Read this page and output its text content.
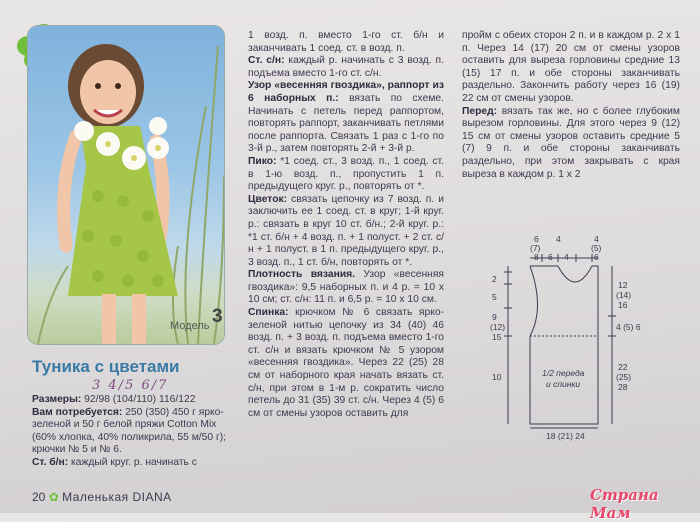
Модель 3
Туника с цветами
3 4/5 6/7

Размеры: 92/98 (104/110) 116/122

Вам потребуется: 250 (350) 450 г ярко-зеленой и 50 г белой пряжи Cotton Mix (60% хлопка, 40% поликрила, 55 м/50 г); крючки № 5 и № 6.

Ст. б/н: каждый круг. р. начинать с

1 возд. п. вместо 1-го ст. б/н и заканчивать 1 соед. ст. в возд. п.

Ст. с/н: каждый р. начинать с 3 возд. п. подъема вместо 1-го ст. с/н.

Узор «весенняя гвоздика», раппорт из 6 наборных п.: вязать по схеме. Начинать с петель перед раппортом, повторять раппорт, заканчивать петлями после раппорта. Связать 1 раз с 1-го по 3-й р., затем повторять 2-й + 3-й р.

Пико: *1 соед. ст., 3 возд. п., 1 соед. ст. в 1-ю возд. п., пропустить 1 п. предыдущего круг. р., повторять от *.

Цветок: связать цепочку из 7 возд. п. и заключить ее 1 соед. ст. в круг; 1-й круг. р.: связать в круг 10 ст. б/н.; 2-й круг. р.: *1 ст. б/н + 4 возд. п. + 1 полуст. + 2 ст. с/н + 1 полуст. в 1 п. предыдущего круг. р., 3 возд. п., 1 ст. б/н, повторять от *.

Плотность вязания. Узор «весенняя гвоздика»: 9,5 наборных п. и 4 р. = 10 х 10 см; ст. с/н: 11 п. и 6,5 р. = 10 х 10 см.

Спинка: крючком № 6 связать ярко-зеленой нитью цепочку из 34 (40) 46 возд. п. + 3 возд. п. подъема вместо 1-го ст. с/н и вязать крючком № 5 узором «весенняя гвоздика». Через 22 (25) 28 см от наборного края начать вязать ст. с/н, при этом в 1-м р. сократить число петель до 31 (35) 39 ст. с/н. Через 4 (5) 6 см от смены узоров оставить для

пройм с обеих сторон 2 п. и в каждом р. 2 х 1 п. Через 14 (17) 20 см от смены узоров оставить для выреза горловины средние 13 (15) 17 п. и обе стороны заканчивать раздельно. Закончить работу через 16 (19) 22 см от смены узоров.

Перед: вязать так же, но с более глубоким вырезом горловины. Для этого через 9 (12) 15 см от смены узоров оставить средние 5 (7) 9 п. и обе стороны заканчивать раздельно, при этом закрывать с края выреза в каждом р. 1 х 2

6
(7)
8 6
4
4
4
(5)
6
2
5
9
(12)
15
10
12
(14)
16
4 (5) 6
22
(25)
28
1/2 переда
и спинки
18 (21) 24
20 ✿ Маленькая DIANA	Страна Мам
